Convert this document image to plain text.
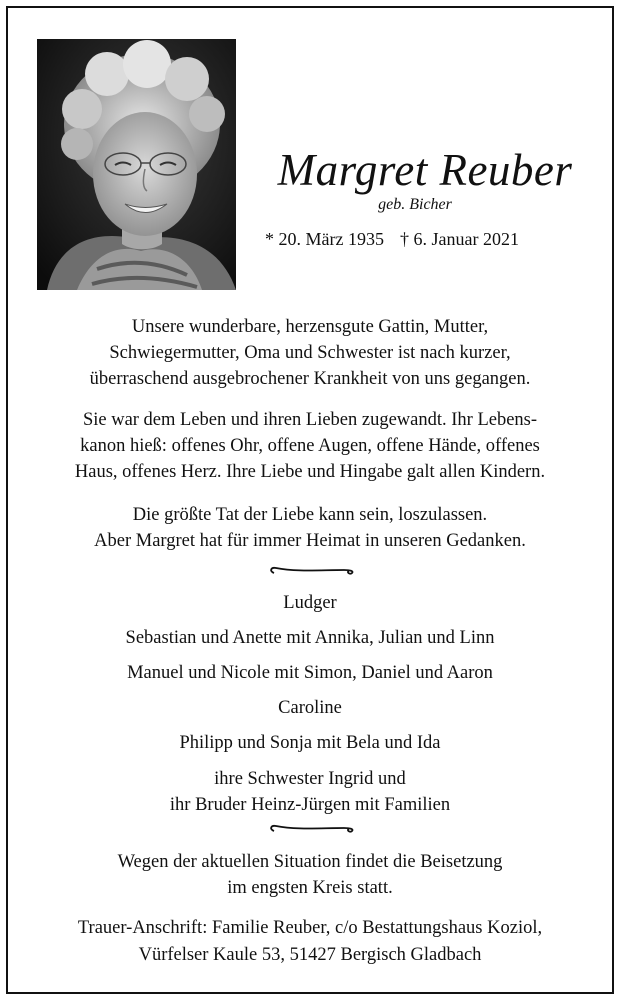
Margret Reuber
geb. Bicher
* 20. März 1935 † 6. Januar 2021

Unsere wunderbare, herzensgute Gattin, Mutter,

Schwiegermutter, Oma und Schwester ist nach kurzer,

überraschend ausgebrochener Krankheit von uns gegangen.

Sie war dem Leben und ihren Lieben zugewandt. Ihr Lebens-

kanon hieß: offenes Ohr, offene Augen, offene Hände, offenes

Haus, offenes Herz. Ihre Liebe und Hingabe galt allen Kindern.

Die größte Tat der Liebe kann sein, loszulassen.

Aber Margret hat für immer Heimat in unseren Gedanken.

Ludger

Sebastian und Anette mit Annika, Julian und Linn

Manuel und Nicole mit Simon, Daniel und Aaron

Caroline

Philipp und Sonja mit Bela und Ida

ihre Schwester Ingrid und

ihr Bruder Heinz-Jürgen mit Familien

Wegen der aktuellen Situation findet die Beisetzung

im engsten Kreis statt.

Trauer-Anschrift: Familie Reuber, c/o Bestattungshaus Koziol,

Vürfelser Kaule 53, 51427 Bergisch Gladbach
